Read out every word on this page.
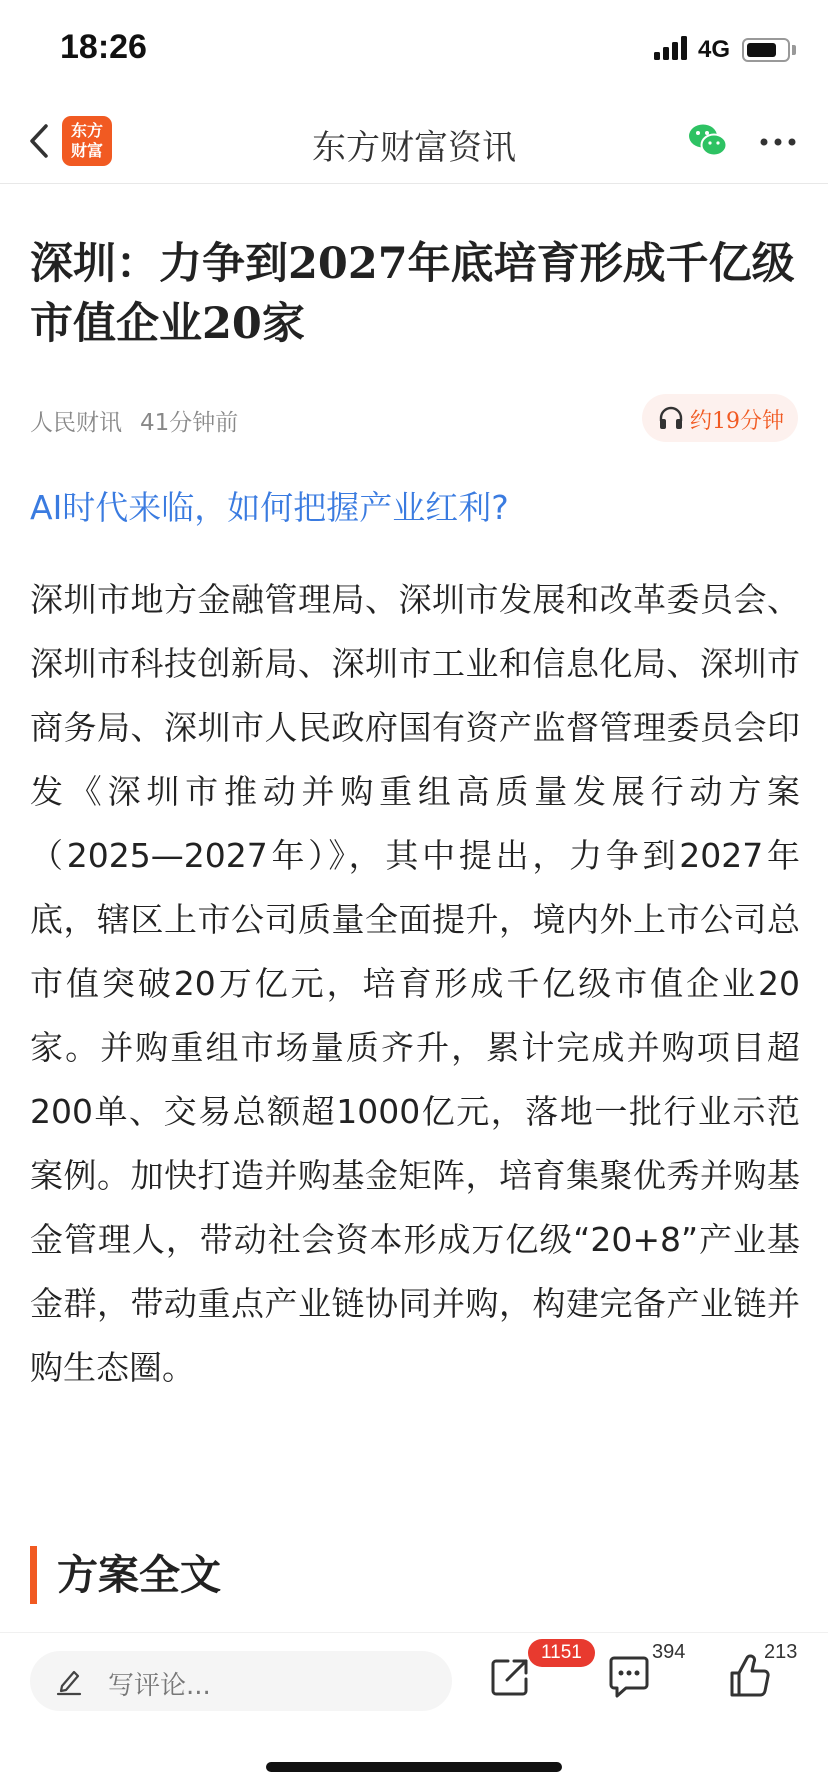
18:26	4G
东方
财富	东方财富资讯
深圳：力争到2027年底培育形成千亿级市值企业20家
人民财讯 41分钟前	约19分钟
AI时代来临，如何把握产业红利?

深圳市地方金融管理局、深圳市发展和改革委员会、深圳市科技创新局、深圳市工业和信息化局、深圳市商务局、深圳市人民政府国有资产监督管理委员会印发《深圳市推动并购重组高质量发展行动方案（2025—2027年）》，其中提出，力争到2027年底，辖区上市公司质量全面提升，境内外上市公司总市值突破20万亿元，培育形成千亿级市值企业20家。并购重组市场量质齐升，累计完成并购项目超200单、交易总额超1000亿元，落地一批行业示范案例。加快打造并购基金矩阵，培育集聚优秀并购基金管理人，带动社会资本形成万亿级“20+8”产业基金群，带动重点产业链协同并购，构建完备产业链并购生态圈。

方案全文
写评论...
1151	394	213
